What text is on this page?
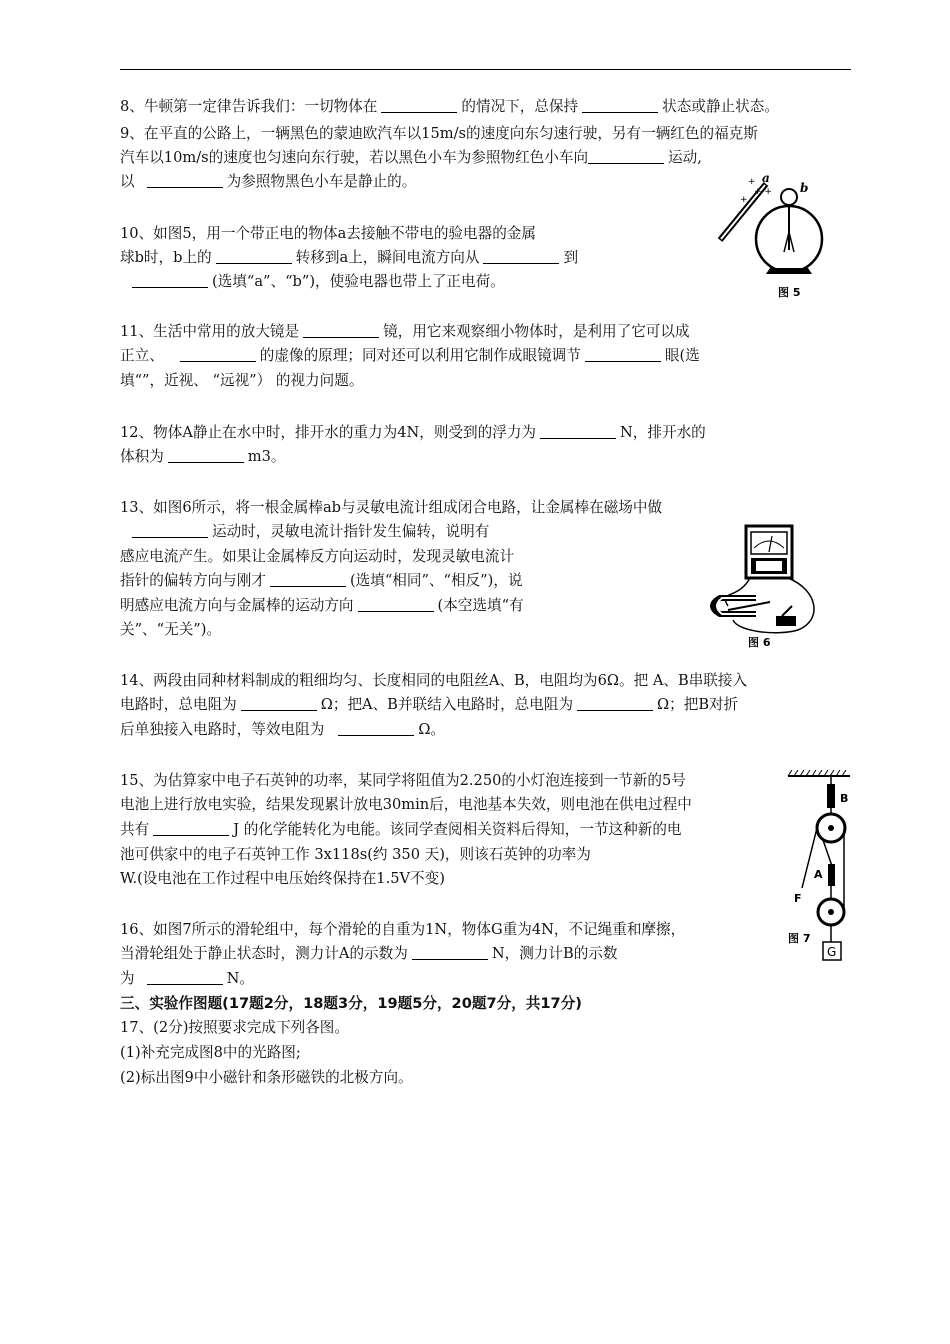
8、牛顿第一定律告诉我们：一切物体在	的情况下，总保持	状态或静止状态。
9、在平直的公路上，一辆黑色的蒙迪欧汽车以15m/s的速度向东匀速行驶，另有一辆红色的福克斯
汽车以10m/s的速度也匀速向东行驶，若以黑色小车为参照物红色小车向	运动,
以	为参照物黑色小车是静止的。
10、如图5，用一个带正电的物体a去接触不带电的验电器的金属
球b时，b上的	转移到a上，瞬间电流方向从	到
(选填“a”、“b”)，使验电器也带上了正电荷。
+
+ +
+
a
b
图 5
11、生活中常用的放大镜是	镜，用它来观察细小物体时，是利用了它可以成
正立、	的虚像的原理；同对还可以利用它制作成眼镜调节	眼(选
填“”，近视、 “远视”） 的视力问题。
12、物体A静止在水中时，排开水的重力为4N，则受到的浮力为	N，排开水的
体积为	m3。
13、如图6所示，将一根金属棒ab与灵敏电流计组成闭合电路，让金属棒在磁场中做
运动时，灵敏电流计指针发生偏转，说明有
感应电流产生。如果让金属棒反方向运动时，发现灵敏电流计
指针的偏转方向与刚才	(选填“相同”、“相反”)，说
明感应电流方向与金属棒的运动方向	(本空选填“有
关”、“无关”)。
图 6
14、两段由同种材料制成的粗细均匀、长度相同的电阻丝A、B，电阻均为6Ω。把 A、B串联接入
电路时，总电阻为	Ω；把A、B并联结入电路时，总电阻为	Ω；把B对折
后单独接入电路时，等效电阻为	Ω。
15、为估算家中电子石英钟的功率，某同学将阻值为2.250的小灯泡连接到一节新的5号
电池上进行放电实验，结果发现累计放电30min后，电池基本失效，则电池在供电过程中
共有	J 的化学能转化为电能。该同学查阅相关资料后得知，一节这种新的电
池可供家中的电子石英钟工作 3x118s(约 350 天)，则该石英钟的功率为
W.(设电池在工作过程中电压始终保持在1.5V不变)
16、如图7所示的滑轮组中，每个滑轮的自重为1N，物体G重为4N，不记绳重和摩擦，
当滑轮组处于静止状态时，测力计A的示数为	N，测力计B的示数
为	N。
B
A
F
G
图 7
三、实验作图题(17题2分，18题3分，19题5分，20题7分，共17分)
17、(2分)按照要求完成下列各图。
(1)补充完成图8中的光路图;
(2)标出图9中小磁针和条形磁铁的北极方向。
